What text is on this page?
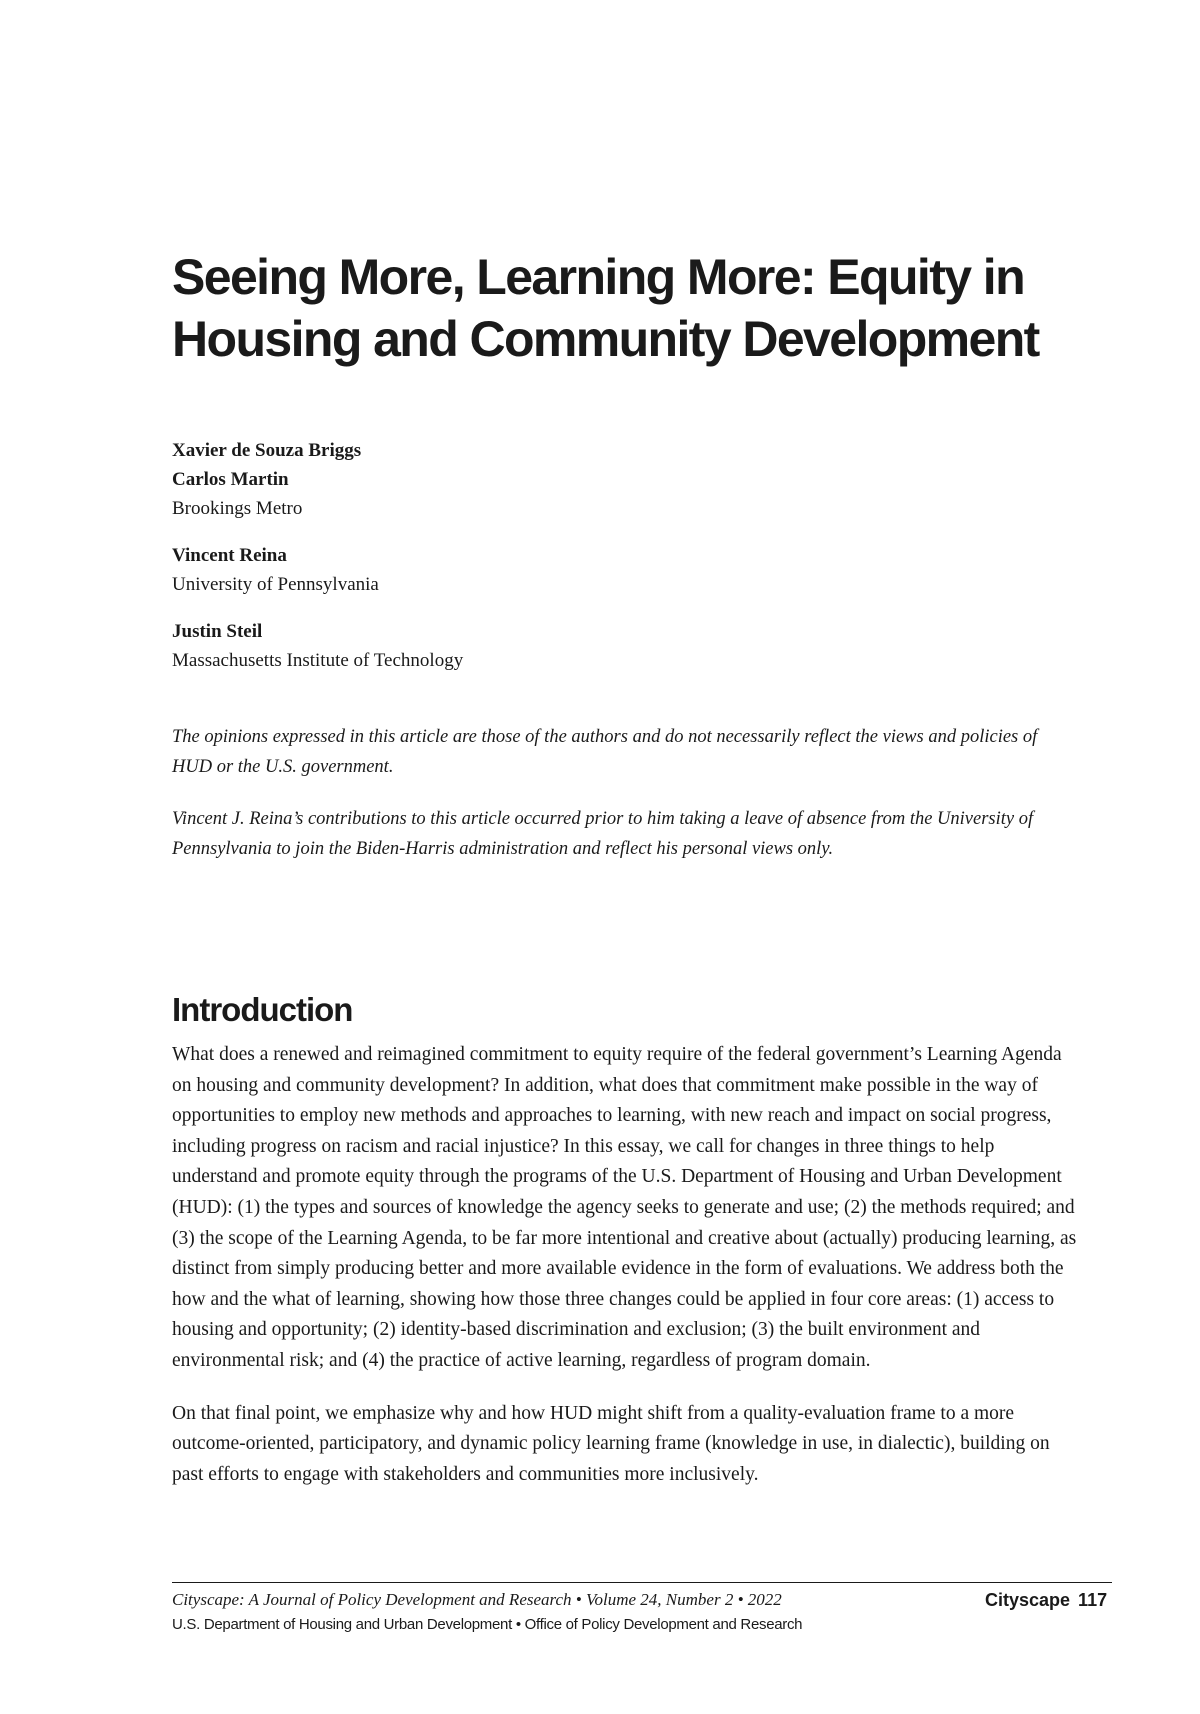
Seeing More, Learning More: Equity in
Housing and Community Development
Xavier de Souza Briggs
Carlos Martin
Brookings Metro
Vincent Reina
University of Pennsylvania
Justin Steil
Massachusetts Institute of Technology

The opinions expressed in this article are those of the authors and do not necessarily reflect the views and policies of HUD or the U.S. government.

Vincent J. Reina’s contributions to this article occurred prior to him taking a leave of absence from the University of Pennsylvania to join the Biden-Harris administration and reflect his personal views only.

Introduction

What does a renewed and reimagined commitment to equity require of the federal government’s Learning Agenda on housing and community development? In addition, what does that commitment make possible in the way of opportunities to employ new methods and approaches to learning, with new reach and impact on social progress, including progress on racism and racial injustice? In this essay, we call for changes in three things to help understand and promote equity through the programs of the U.S. Department of Housing and Urban Development (HUD): (1) the types and sources of knowledge the agency seeks to generate and use; (2) the methods required; and (3) the scope of the Learning Agenda, to be far more intentional and creative about (actually) producing learning, as distinct from simply producing better and more available evidence in the form of evaluations. We address both the how and the what of learning, showing how those three changes could be applied in four core areas: (1) access to housing and opportunity; (2) identity-based discrimination and exclusion; (3) the built environment and environmental risk; and (4) the practice of active learning, regardless of program domain.

On that final point, we emphasize why and how HUD might shift from a quality-evaluation frame to a more outcome-oriented, participatory, and dynamic policy learning frame (knowledge in use, in dialectic), building on past efforts to engage with stakeholders and communities more inclusively.

Cityscape: A Journal of Policy Development and Research • Volume 24, Number 2 • 2022
U.S. Department of Housing and Urban Development • Office of Policy Development and Research
Cityscape 117
